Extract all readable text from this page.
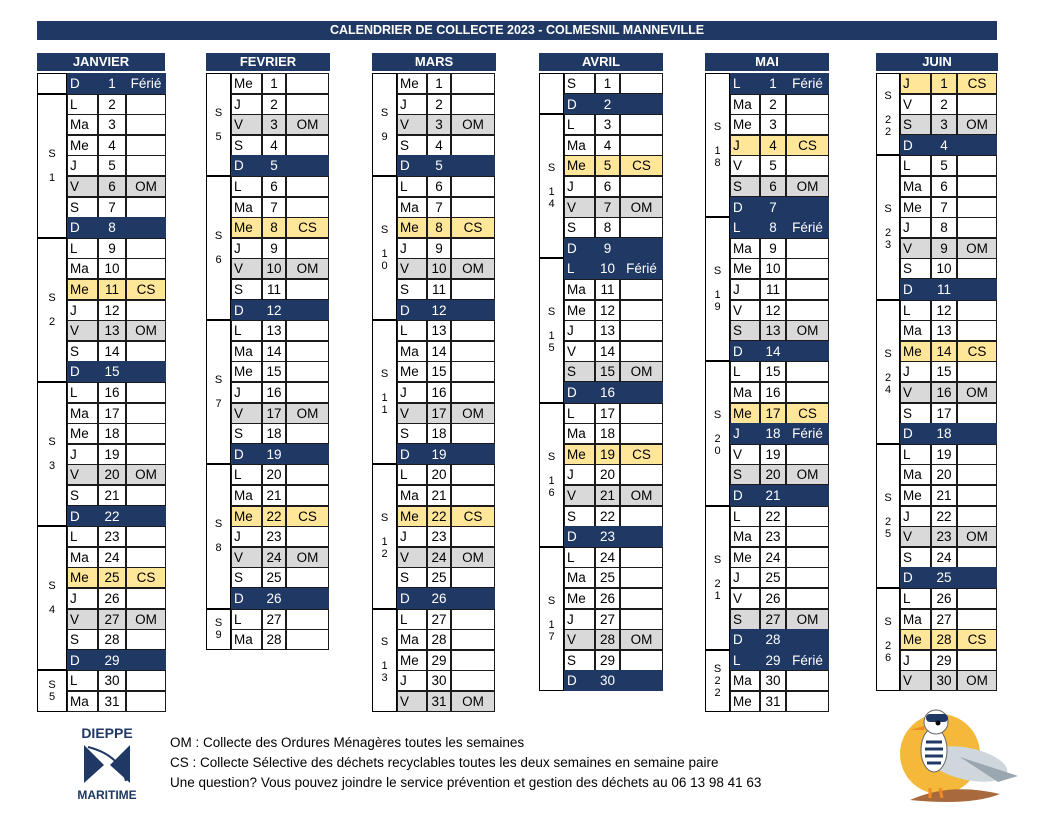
CALENDRIER DE COLLECTE 2023 - COLMESNIL MANNEVILLE
JANVIER
S

1
S

2
S

3
S

4
S
5
D	1	Férié
L	2
Ma	3
Me	4
J	5
V	6	OM
S	7
D	8
L	9
Ma	10
Me	11	CS
J	12
V	13	OM
S	14
D	15
L	16
Ma	17
Me	18
J	19
V	20	OM
S	21
D	22
L	23
Ma	24
Me	25	CS
J	26
V	27	OM
S	28
D	29
L	30
Ma	31
FEVRIER
S

5
S

6
S

7
S

8
S
9
Me	1
J	2
V	3	OM
S	4
D	5
L	6
Ma	7
Me	8	CS
J	9
V	10	OM
S	11
D	12
L	13
Ma	14
Me	15
J	16
V	17	OM
S	18
D	19
L	20
Ma	21
Me	22	CS
J	23
V	24	OM
S	25
D	26
L	27
Ma	28
MARS
S

9
S

1
0
S

1
1
S

1
2
S

1
3
Me	1
J	2
V	3	OM
S	4
D	5
L	6
Ma	7
Me	8	CS
J	9
V	10	OM
S	11
D	12
L	13
Ma 14
Me 15
J	16
V	17	OM
S	18
D	19
L	20
Ma 21
Me 22	CS
J	23
V	24	OM
S	25
D	26
L	27
Ma 28
Me 29
J	30
V	31	OM
AVRIL
S

1
4
S

1
5
S

1
6
S

1
7
S	1
D	2
L	3
Ma	4
Me	5	CS
J	6
V	7	OM
S	8
D	9
L	10 Férié
Ma	11
Me	12
J	13
V	14
S	15	OM
D	16
L	17
Ma	18
Me	19	CS
J	20
V	21	OM
S	22
D	23
L	24
Ma	25
Me	26
J	27
V	28	OM
S	29
D	30
MAI
S

1
8
S

1
9
S

2
0
S

2
1
S
2
2
L	1	Férié
Ma	2
Me	3
J	4	CS
V	5
S	6	OM
D	7
L	8	Férié
Ma	9
Me	10
J	11
V	12
S	13	OM
D	14
L	15
Ma	16
Me	17	CS
J	18 Férié
V	19
S	20	OM
D	21
L	22
Ma	23
Me	24
J	25
V	26
S	27	OM
D	28
L	29 Férié
Ma	30
Me	31
JUIN
S

2
2
S

2
3
S

2
4
S

2
5
S

2
6
J	1	CS
V	2
S	3	OM
D	4
L	5
Ma	6
Me	7
J	8
V	9	OM
S	10
D	11
L	12
Ma	13
Me	14	CS
J	15
V	16	OM
S	17
D	18
L	19
Ma	20
Me	21
J	22
V	23	OM
S	24
D	25
L	26
Ma	27
Me	28	CS
J	29
V	30	OM
DIEPPE
MARITIME
OM : Collecte des Ordures Ménagères toutes les semaines
CS : Collecte Sélective des déchets recyclables toutes les deux semaines en semaine paire
Une question? Vous pouvez joindre le service prévention et gestion des déchets au 06 13 98 41 63
